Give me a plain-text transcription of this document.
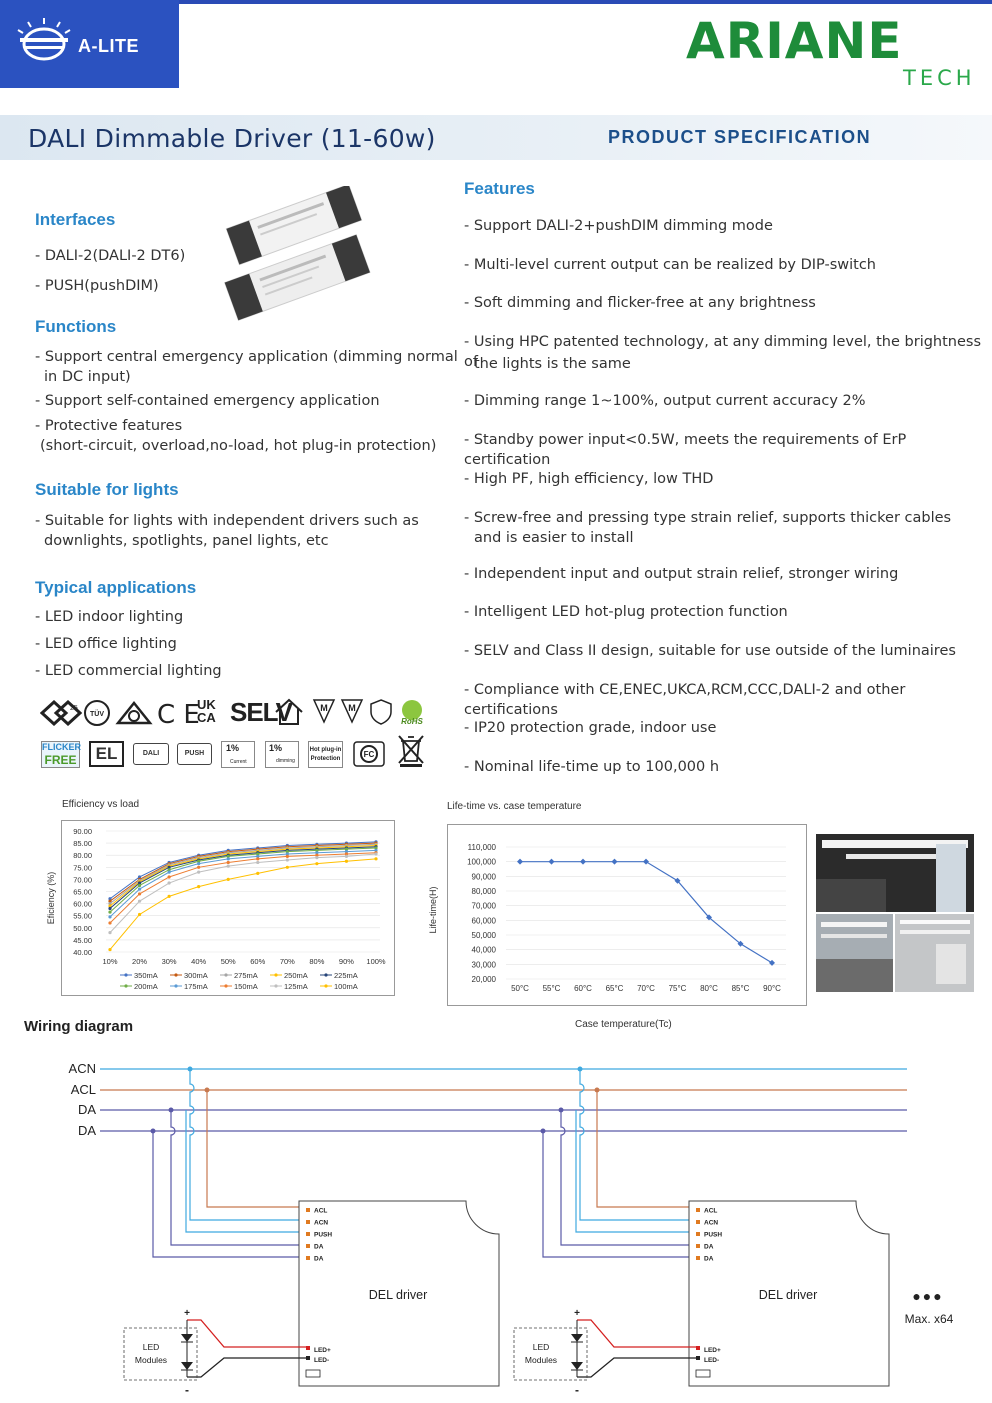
A-LITE	ARIANE
TECH
DALI Dimmable Driver (11-60w)	PRODUCT SPECIFICATION
Interfaces
- DALI-2(DALI-2 DT6)
- PUSH(pushDIM)
Functions
- Support central emergency application (dimming normal
in DC input)
- Support self-contained emergency application
- Protective features
(short-circuit, overload,no-load, hot plug-in protection)
Suitable for lights
- Suitable for lights with independent drivers such as
downlights, spotlights, panel lights, etc
Typical applications
- LED indoor lighting
- LED office lighting
- LED commercial lighting
25
TÜV C E
UK CA SELV	M M
RoHS
FLICKER
FREE	EL	DALI	PUSH
1%
Current
1%
dimming
Hot plug-in
Protection	FC
Features
- Support DALI-2+pushDIM dimming mode
- Multi-level current output can be realized by DIP-switch
- Soft dimming and flicker-free at any brightness
- Using HPC patented technology, at any dimming level, the brightness of
the lights is the same
- Dimming range 1~100%, output current accuracy 2%
- Standby power input<0.5W, meets the requirements of ErP certification
- High PF, high efficiency, low THD
- Screw-free and pressing type strain relief, supports thicker cables
and is easier to install
- Independent input and output strain relief, stronger wiring
- Intelligent LED hot-plug protection function
- SELV and Class II design, suitable for use outside of the luminaires
- Compliance with CE,ENEC,UKCA,RCM,CCC,DALI-2 and other certifications
- IP20 protection grade, indoor use
- Nominal life-time up to 100,000 h
Efficiency vs load
Eficiency (%)
90.00
85.00
80.00
75.00
70.00
65.00
60.00
55.00
50.00
45.00
40.00
10% 20% 30% 40% 50% 60% 70% 80% 90% 100%
350mA	300mA	275mA	250mA	225mA
200mA	175mA	150mA	125mA	100mA
Life-time vs. case temperature
Life-time(H)
110,000
100,000
90,000
80,000
70,000
60,000
50,000
40,000
30,000
20,000
50°C 55°C 60°C 65°C 70°C 75°C 80°C 85°C 90°C
Case temperature(Tc)
Wiring diagram
ACN
ACL
DA
DA
●●●
Max. x64
ACL
ACN
PUSH
DA
DA
DEL driver
LED+
LED-
LED
Modules
+
-
ACL
ACN
PUSH
DA
DA
DEL driver
LED+
LED-
LED
Modules
+
-
